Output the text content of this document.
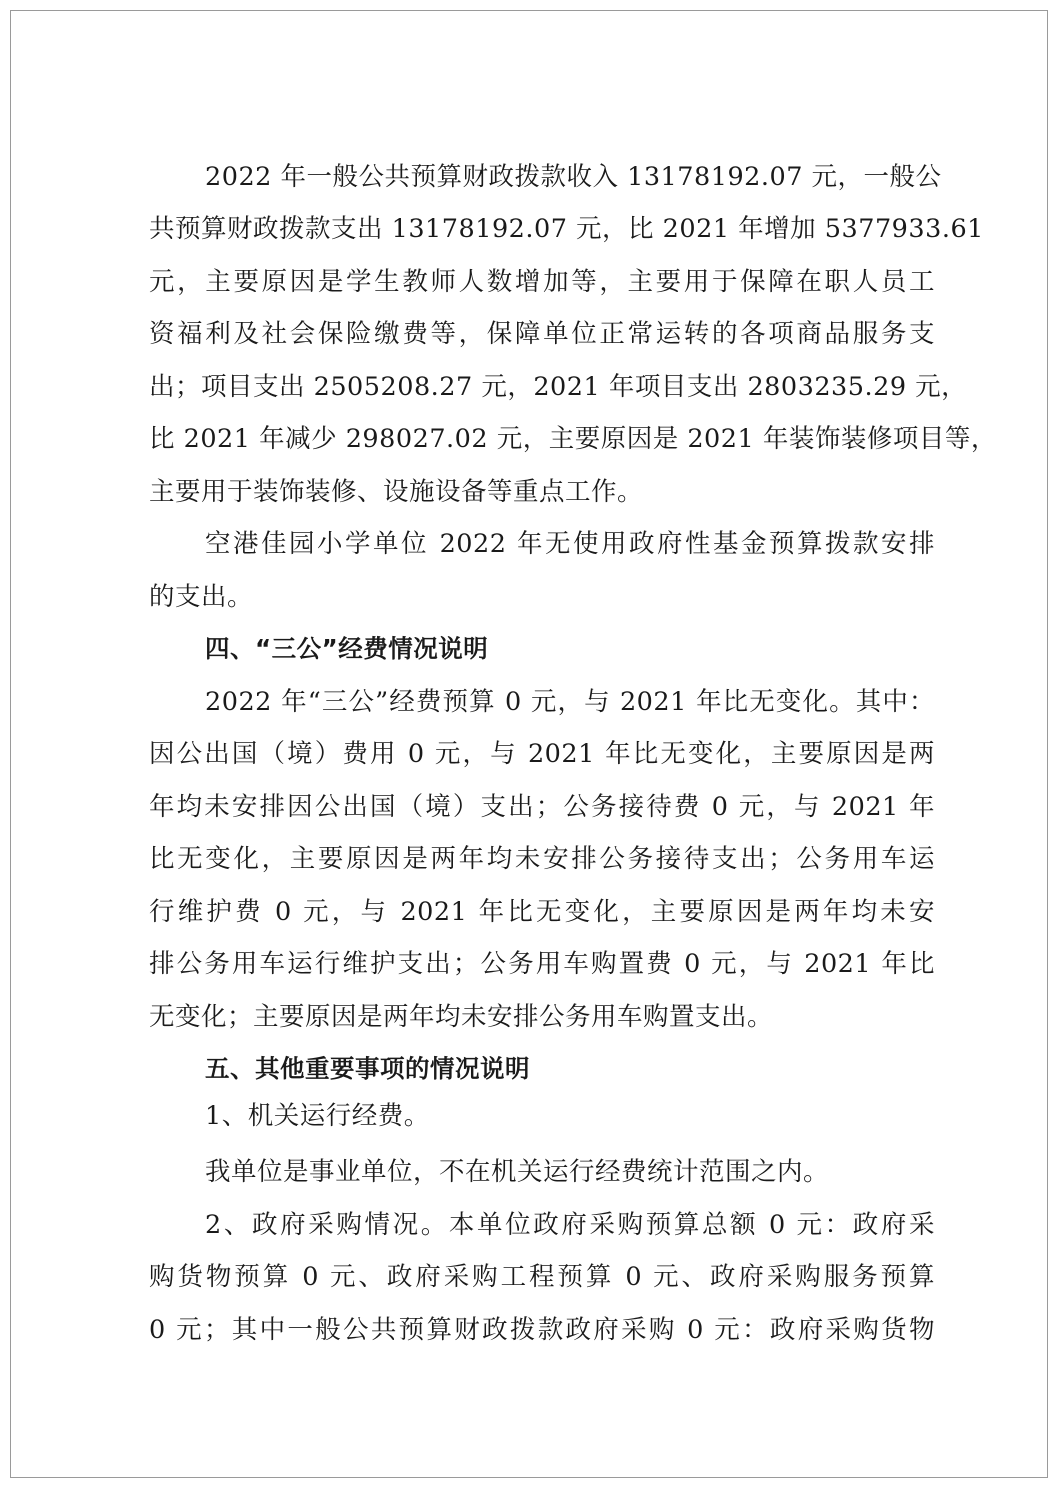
2022 年一般公共预算财政拨款收入 13178192.07 元，一般公
共预算财政拨款支出 13178192.07 元，比 2021 年增加 5377933.61
元，主要原因是学生教师人数增加等，主要用于保障在职人员工
资福利及社会保险缴费等，保障单位正常运转的各项商品服务支
出；项目支出 2505208.27 元，2021 年项目支出 2803235.29 元，
比 2021 年减少 298027.02 元，主要原因是 2021 年装饰装修项目等，
主要用于装饰装修、设施设备等重点工作。
空港佳园小学单位 2022 年无使用政府性基金预算拨款安排
的支出。
四、“三公”经费情况说明
2022 年“三公”经费预算 0 元，与 2021 年比无变化。其中：
因公出国（境）费用 0 元，与 2021 年比无变化，主要原因是两
年均未安排因公出国（境）支出；公务接待费 0 元，与 2021 年
比无变化，主要原因是两年均未安排公务接待支出；公务用车运
行维护费 0 元，与 2021 年比无变化，主要原因是两年均未安
排公务用车运行维护支出；公务用车购置费 0 元，与 2021 年比
无变化；主要原因是两年均未安排公务用车购置支出。
五、其他重要事项的情况说明
1、机关运行经费。
我单位是事业单位，不在机关运行经费统计范围之内。
2、政府采购情况。本单位政府采购预算总额 0 元：政府采
购货物预算 0 元、政府采购工程预算 0 元、政府采购服务预算
0 元；其中一般公共预算财政拨款政府采购 0 元：政府采购货物
